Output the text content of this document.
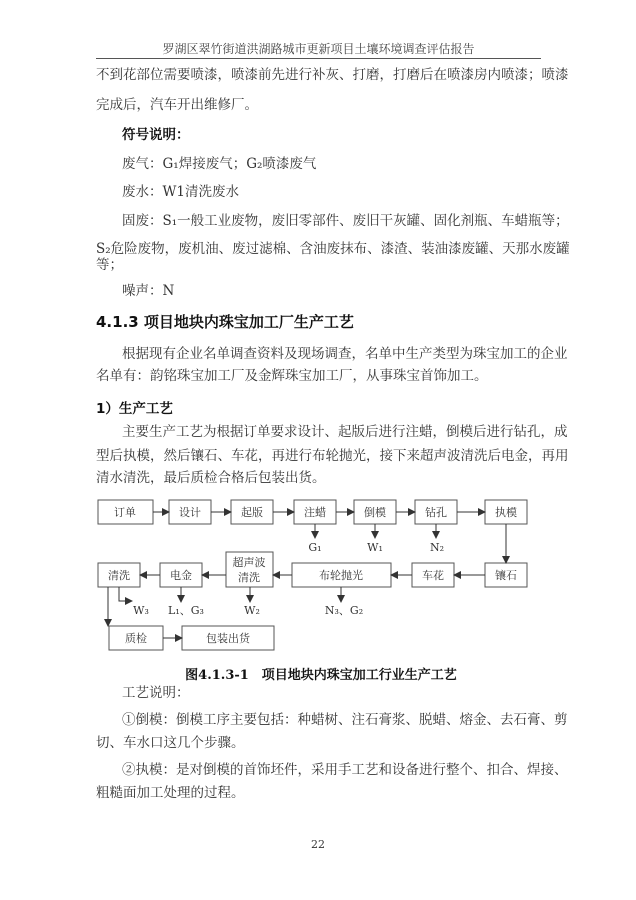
罗湖区翠竹街道洪湖路城市更新项目土壤环境调查评估报告
不到花部位需要喷漆，喷漆前先进行补灰、打磨，打磨后在喷漆房内喷漆；喷漆
完成后，汽车开出维修厂。
符号说明：
废气：G₁焊接废气；G₂喷漆废气
废水：W1清洗废水
固废：S₁一般工业废物，废旧零部件、废旧干灰罐、固化剂瓶、车蜡瓶等；
S₂危险废物，废机油、废过滤棉、含油废抹布、漆渣、装油漆废罐、天那水废罐
等；
噪声：N
4.1.3 项目地块内珠宝加工厂生产工艺
根据现有企业名单调查资料及现场调查，名单中生产类型为珠宝加工的企业
名单有：韵铭珠宝加工厂及金辉珠宝加工厂，从事珠宝首饰加工。
1）生产工艺
主要生产工艺为根据订单要求设计、起版后进行注蜡，倒模后进行钻孔，成
型后执模，然后镶石、车花，再进行布轮抛光，接下来超声波清洗后电金，再用
清水清洗，最后质检合格后包装出货。
订单	设计	起版	注蜡	倒模	钻孔	执模
清洗	电金
超声波
清洗	布轮抛光	车花	镶石
质检	包装出货
G₁	W₁	N₂
W₃ L₁、G₃	W₂	N₃、G₂
图4.1.3-1　项目地块内珠宝加工行业生产工艺
工艺说明：
①倒模：倒模工序主要包括：种蜡树、注石膏浆、脱蜡、熔金、去石膏、剪
切、车水口这几个步骤。
②执模：是对倒模的首饰坯件，采用手工艺和设备进行整个、扣合、焊接、
粗糙面加工处理的过程。
22
